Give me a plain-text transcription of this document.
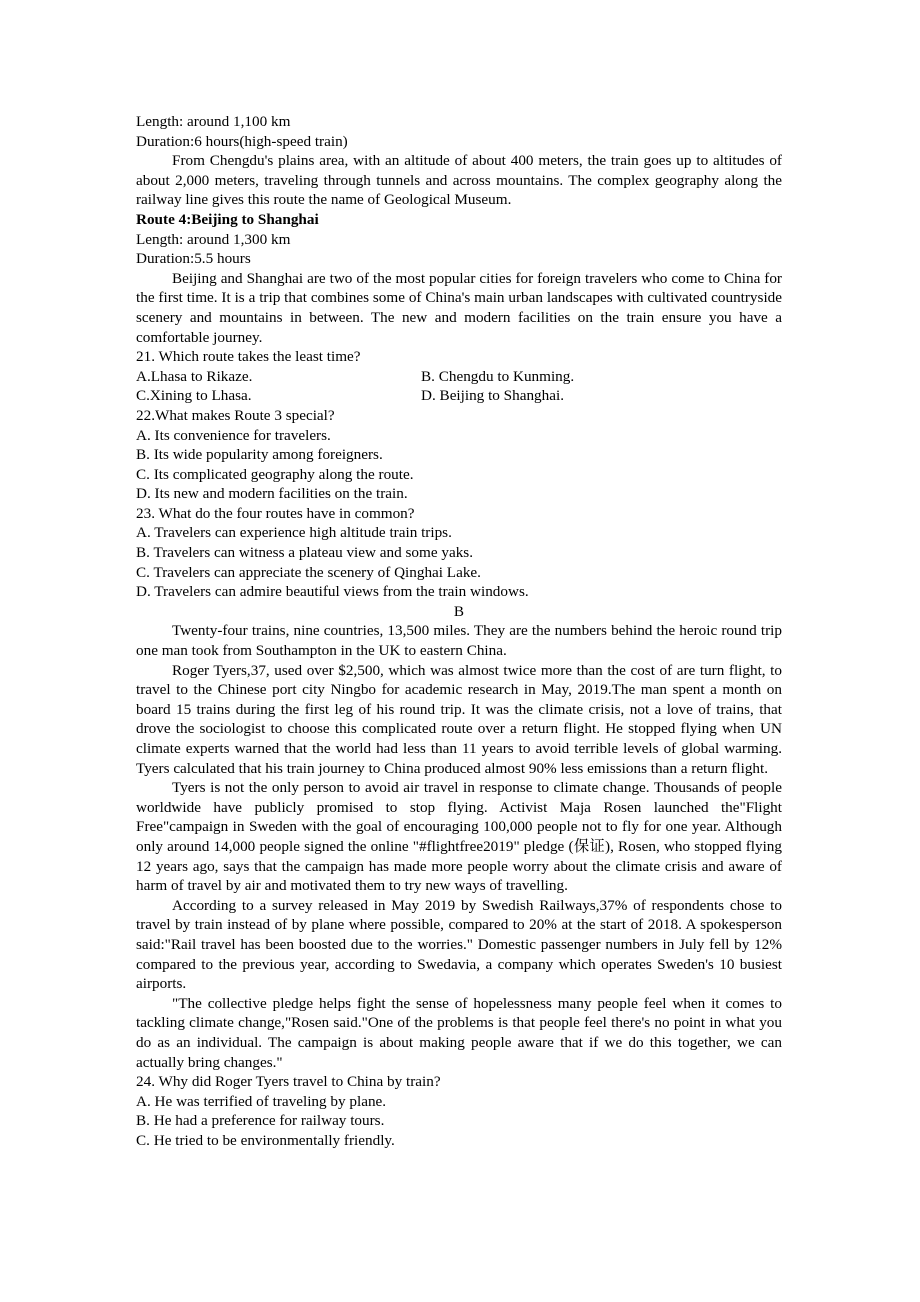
Length: around 1,100 km
Duration:6 hours(high-speed train)

From Chengdu's plains area, with an altitude of about 400 meters, the train goes up to altitudes of about 2,000 meters, traveling through tunnels and across mountains. The complex geography along the railway line gives this route the name of Geological Museum.

Route 4:Beijing to Shanghai
Length: around 1,300 km
Duration:5.5 hours

Beijing and Shanghai are two of the most popular cities for foreign travelers who come to China for the first time. It is a trip that combines some of China's main urban landscapes with cultivated countryside scenery and mountains in between. The new and modern facilities on the train ensure you have a comfortable journey.

21. Which route takes the least time?
A.Lhasa to Rikaze.	B. Chengdu to Kunming.
C.Xining to Lhasa.	D. Beijing to Shanghai.
22.What makes Route 3 special?
A. Its convenience for travelers.
B. Its wide popularity among foreigners.
C. Its complicated geography along the route.
D. Its new and modern facilities on the train.
23. What do the four routes have in common?
A. Travelers can experience high altitude train trips.
B. Travelers can witness a plateau view and some yaks.
C. Travelers can appreciate the scenery of Qinghai Lake.
D. Travelers can admire beautiful views from the train windows.

B

Twenty-four trains, nine countries, 13,500 miles. They are the numbers behind the heroic round trip one man took from Southampton in the UK to eastern China.

Roger Tyers,37, used over $2,500, which was almost twice more than the cost of are turn flight, to travel to the Chinese port city Ningbo for academic research in May, 2019.The man spent a month on board 15 trains during the first leg of his round trip. It was the climate crisis, not a love of trains, that drove the sociologist to choose this complicated route over a return flight. He stopped flying when UN climate experts warned that the world had less than 11 years to avoid terrible levels of global warming. Tyers calculated that his train journey to China produced almost 90% less emissions than a return flight.

Tyers is not the only person to avoid air travel in response to climate change. Thousands of people worldwide have publicly promised to stop flying. Activist Maja Rosen launched the"Flight Free"campaign in Sweden with the goal of encouraging 100,000 people not to fly for one year. Although only around 14,000 people signed the online "#flightfree2019" pledge (保证), Rosen, who stopped flying 12 years ago, says that the campaign has made more people worry about the climate crisis and aware of harm of travel by air and motivated them to try new ways of travelling.

According to a survey released in May 2019 by Swedish Railways,37% of respondents chose to travel by train instead of by plane where possible, compared to 20% at the start of 2018. A spokesperson said:"Rail travel has been boosted due to the worries." Domestic passenger numbers in July fell by 12% compared to the previous year, according to Swedavia, a company which operates Sweden's 10 busiest airports.

"The collective pledge helps fight the sense of hopelessness many people feel when it comes to tackling climate change,"Rosen said."One of the problems is that people feel there's no point in what you do as an individual. The campaign is about making people aware that if we do this together, we can actually bring changes."

24. Why did Roger Tyers travel to China by train?
A. He was terrified of traveling by plane.
B. He had a preference for railway tours.
C. He tried to be environmentally friendly.
